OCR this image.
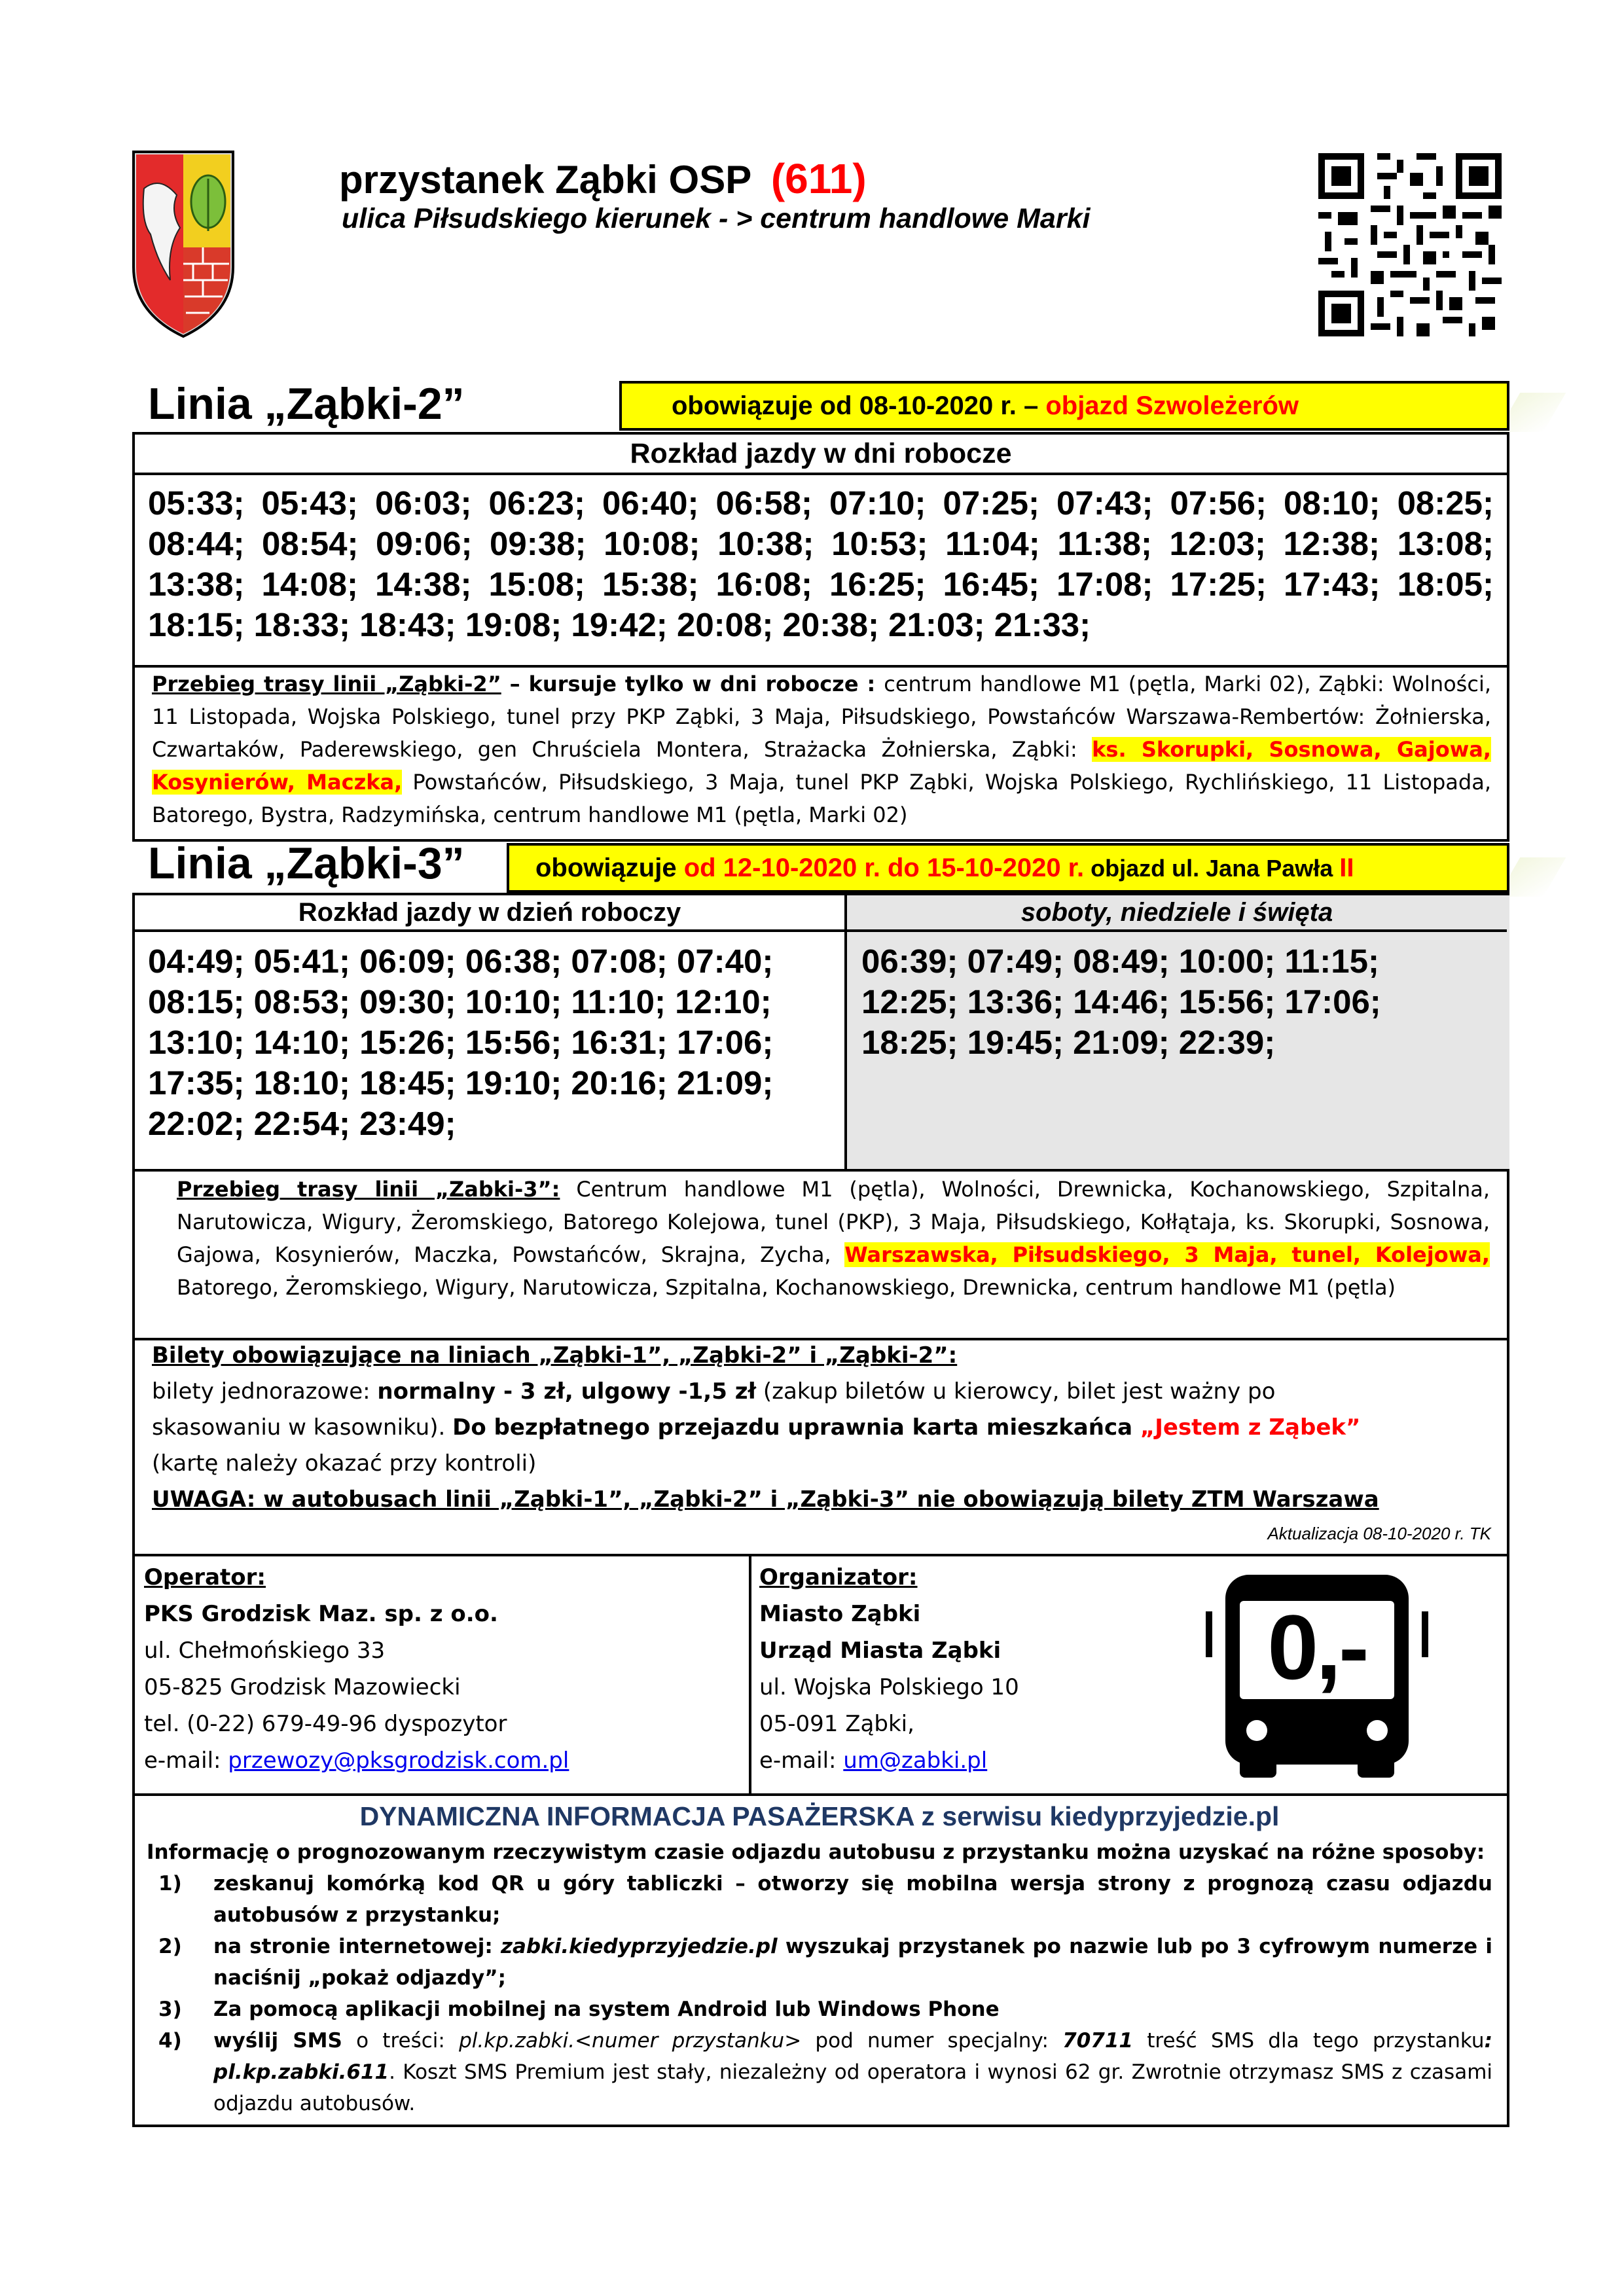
przystanek Ząbki OSP (611)
ulica Piłsudskiego kierunek - > centrum handlowe Marki
Linia „Ząbki-2”	obowiązuje od 08-10-2020 r. – objazd Szwoleżerów
Rozkład jazdy w dni robocze
05:33; 05:43; 06:03; 06:23; 06:40; 06:58; 07:10; 07:25; 07:43; 07:56; 08:10; 08:25;
08:44; 08:54; 09:06; 09:38; 10:08; 10:38; 10:53; 11:04; 11:38; 12:03; 12:38; 13:08;
13:38; 14:08; 14:38; 15:08; 15:38; 16:08; 16:25; 16:45; 17:08; 17:25; 17:43; 18:05;
18:15; 18:33; 18:43; 19:08; 19:42; 20:08; 20:38; 21:03; 21:33;
Przebieg trasy linii „Ząbki-2” – kursuje tylko w dni robocze : centrum handlowe M1 (pętla, Marki 02), Ząbki: Wolności, 11 Listopada, Wojska Polskiego, tunel przy PKP Ząbki, 3 Maja, Piłsudskiego, Powstańców Warszawa-Rembertów: Żołnierska, Czwartaków, Paderewskiego, gen Chruściela Montera, Strażacka Żołnierska, Ząbki: ks. Skorupki, Sosnowa, Gajowa, Kosynierów, Maczka, Powstańców, Piłsudskiego, 3 Maja, tunel PKP Ząbki, Wojska Polskiego, Rychlińskiego, 11 Listopada, Batorego, Bystra, Radzymińska, centrum handlowe M1 (pętla, Marki 02)
Linia „Ząbki-3”	obowiązuje od 12-10-2020 r. do 15-10-2020 r. objazd ul. Jana Pawła II
Rozkład jazdy w dzień roboczy	soboty, niedziele i święta
04:49; 05:41; 06:09; 06:38; 07:08; 07:40;
08:15; 08:53; 09:30; 10:10; 11:10; 12:10;
13:10; 14:10; 15:26; 15:56; 16:31; 17:06;
17:35; 18:10; 18:45; 19:10; 20:16; 21:09;
22:02; 22:54; 23:49;
06:39; 07:49; 08:49; 10:00; 11:15;
12:25; 13:36; 14:46; 15:56; 17:06;
18:25; 19:45; 21:09; 22:39;
Przebieg trasy linii „Zabki-3”: Centrum handlowe M1 (pętla), Wolności, Drewnicka, Kochanowskiego, Szpitalna, Narutowicza, Wigury, Żeromskiego, Batorego Kolejowa, tunel (PKP), 3 Maja, Piłsudskiego, Kołłątaja, ks. Skorupki, Sosnowa, Gajowa, Kosynierów, Maczka, Powstańców, Skrajna, Zycha, Warszawska, Piłsudskiego, 3 Maja, tunel, Kolejowa, Batorego, Żeromskiego, Wigury, Narutowicza, Szpitalna, Kochanowskiego, Drewnicka, centrum handlowe M1 (pętla)
Bilety obowiązujące na liniach „Ząbki-1”, „Ząbki-2” i „Ząbki-2”:
bilety jednorazowe: normalny - 3 zł, ulgowy -1,5 zł (zakup biletów u kierowcy, bilet jest ważny po
skasowaniu w kasowniku). Do bezpłatnego przejazdu uprawnia karta mieszkańca „Jestem z Ząbek”
(kartę należy okazać przy kontroli)
UWAGA: w autobusach linii „Ząbki-1”, „Ząbki-2” i „Ząbki-3” nie obowiązują bilety ZTM Warszawa
Aktualizacja 08-10-2020 r. TK
Operator:
PKS Grodzisk Maz. sp. z o.o.
ul. Chełmońskiego 33
05-825 Grodzisk Mazowiecki
tel. (0-22) 679-49-96 dyspozytor
e-mail: przewozy@pksgrodzisk.com.pl
Organizator:
Miasto Ząbki
Urząd Miasta Ząbki
ul. Wojska Polskiego 10
05-091 Ząbki,
e-mail: um@zabki.pl
0,-
DYNAMICZNA INFORMACJA PASAŻERSKA z serwisu kiedyprzyjedzie.pl
Informację o prognozowanym rzeczywistym czasie odjazdu autobusu z przystanku można uzyskać na różne sposoby:
1)	zeskanuj komórką kod QR u góry tabliczki – otworzy się mobilna wersja strony z prognozą czasu odjazdu autobusów z przystanku;
2)	na stronie internetowej: zabki.kiedyprzyjedzie.pl wyszukaj przystanek po nazwie lub po 3 cyfrowym numerze i naciśnij „pokaż odjazdy”;
3)	Za pomocą aplikacji mobilnej na system Android lub Windows Phone
4)	wyślij SMS o treści: pl.kp.zabki.<numer przystanku> pod numer specjalny: 70711 treść SMS dla tego przystanku: pl.kp.zabki.611. Koszt SMS Premium jest stały, niezależny od operatora i wynosi 62 gr. Zwrotnie otrzymasz SMS z czasami odjazdu autobusów.
